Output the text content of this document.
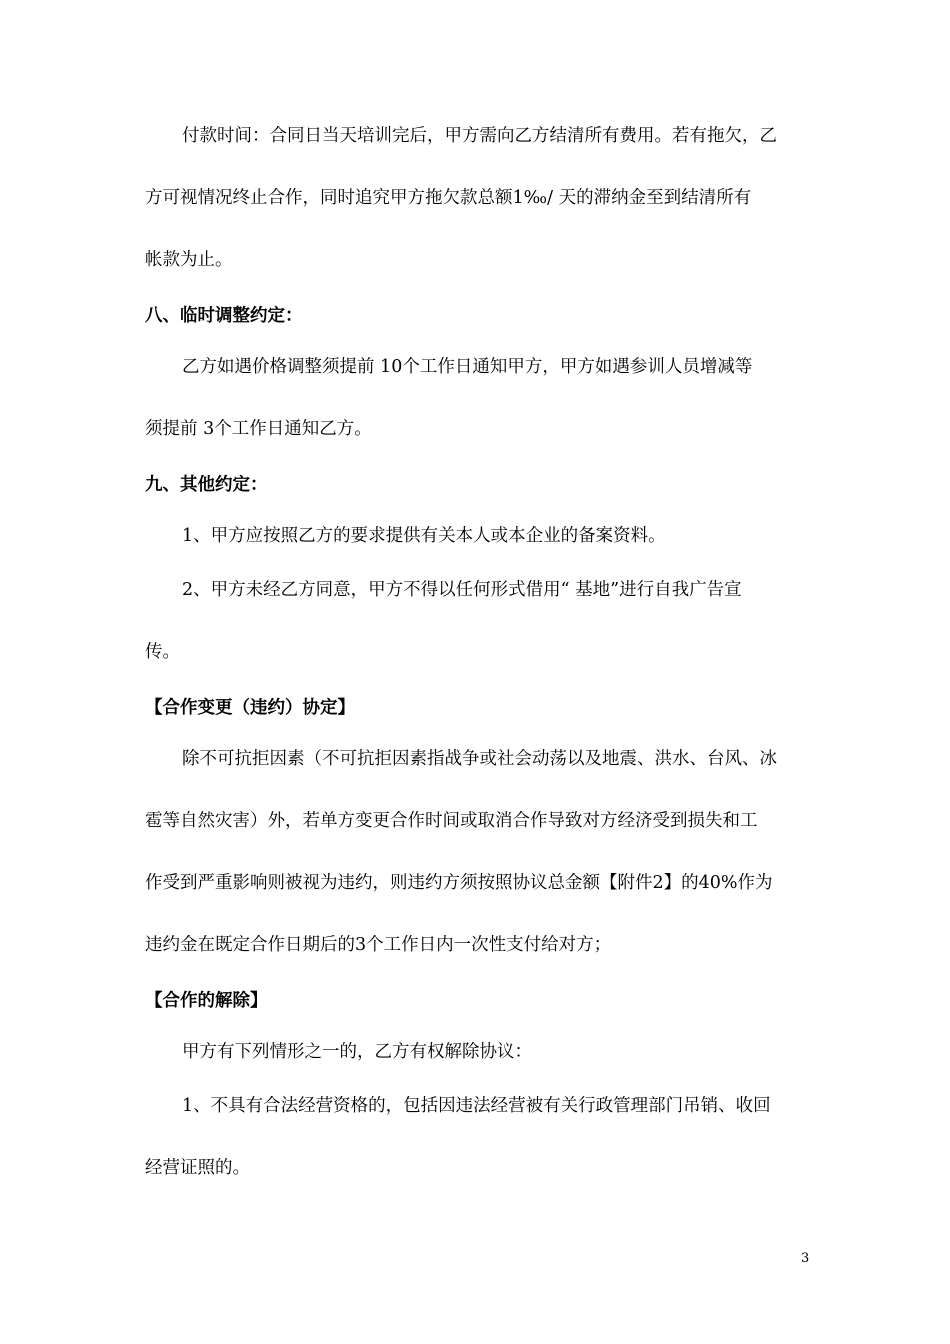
付款时间：合同日当天培训完后，甲方需向乙方结清所有费用。若有拖欠，乙
方可视情况终止合作，同时追究甲方拖欠款总额1‰/ 天的滞纳金至到结清所有
帐款为止。
八、临时调整约定：
乙方如遇价格调整须提前 10个工作日通知甲方，甲方如遇参训人员增减等
须提前 3个工作日通知乙方。
九、其他约定：
1、甲方应按照乙方的要求提供有关本人或本企业的备案资料。
2、甲方未经乙方同意，甲方不得以任何形式借用“ 基地”进行自我广告宣
传。
【合作变更（违约）协定】
除不可抗拒因素（不可抗拒因素指战争或社会动荡以及地震、洪水、台风、冰
雹等自然灾害）外，若单方变更合作时间或取消合作导致对方经济受到损失和工
作受到严重影响则被视为违约，则违约方须按照协议总金额【附件2】的40%作为
违约金在既定合作日期后的3个工作日内一次性支付给对方；
【合作的解除】
甲方有下列情形之一的，乙方有权解除协议：
1、不具有合法经营资格的，包括因违法经营被有关行政管理部门吊销、收回
经营证照的。
3
